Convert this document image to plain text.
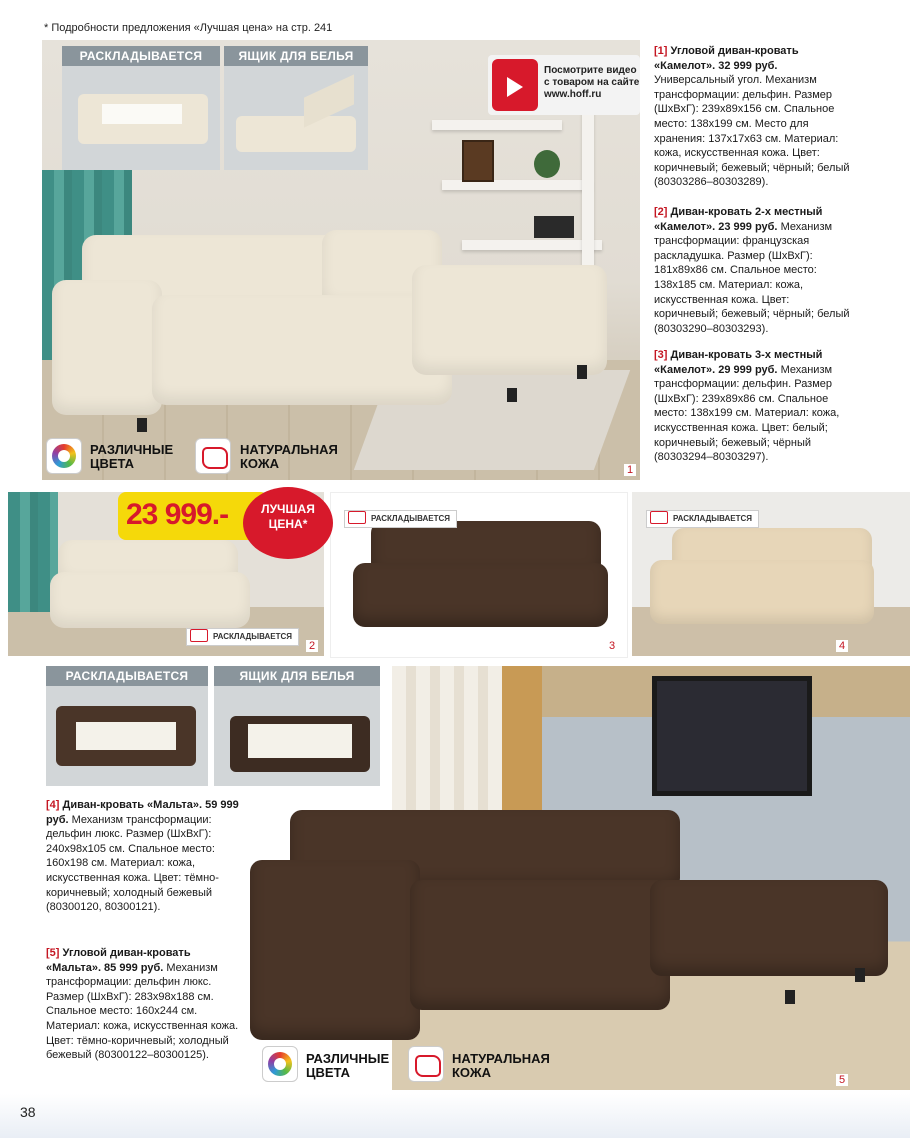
* Подробности предложения «Лучшая цена» на стр. 241
РАСКЛАДЫВАЕТСЯ	ЯЩИК ДЛЯ БЕЛЬЯ
Посмотрите видео
с товаром на сайте
www.hoff.ru
РАЗЛИЧНЫЕ
ЦВЕТА
НАТУРАЛЬНАЯ
КОЖА	1
[1] Угловой диван-кровать «Камелот». 32 999 руб. Универсальный угол. Механизм трансформации: дельфин. Размер (ШхВхГ): 239х89х156 см. Спальное место: 138х199 см. Место для хранения: 137х17х63 см. Материал: кожа, искусственная кожа. Цвет: коричневый; бежевый; чёрный; белый (80303286–80303289).
[2] Диван-кровать 2-х местный «Камелот». 23 999 руб. Механизм трансформации: французская раскладушка. Размер (ШхВхГ): 181х89х86 см. Спальное место: 138х185 см. Материал: кожа, искусственная кожа. Цвет: коричневый; бежевый; чёрный; белый (80303290–80303293).
[3] Диван-кровать 3-х местный «Камелот». 29 999 руб. Механизм трансформации: дельфин. Размер (ШхВхГ): 239х89х86 см. Спальное место: 138х199 см. Материал: кожа, искусственная кожа. Цвет: белый; коричневый; бежевый; чёрный (80303294–80303297).
23 999.-	ЛУЧШАЯ
ЦЕНА*
РАСКЛАДЫВАЕТСЯ
РАСКЛАДЫВАЕТСЯ	РАСКЛАДЫВАЕТСЯ
2	3	4
РАСКЛАДЫВАЕТСЯ	ЯЩИК ДЛЯ БЕЛЬЯ
РАЗЛИЧНЫЕ
ЦВЕТА
НАТУРАЛЬНАЯ
КОЖА	5
[4] Диван-кровать «Мальта». 59 999 руб. Механизм трансформации: дельфин люкс. Размер (ШхВхГ): 240х98х105 см. Спальное место: 160х198 см. Материал: кожа, искусственная кожа. Цвет: тёмно-коричневый; холодный бежевый (80300120, 80300121).
[5] Угловой диван-кровать «Мальта». 85 999 руб. Механизм трансформации: дельфин люкс. Размер (ШхВхГ): 283х98х188 см. Спальное место: 160х244 см. Материал: кожа, искусственная кожа. Цвет: тёмно-коричневый; холодный бежевый (80300122–80300125).
38
